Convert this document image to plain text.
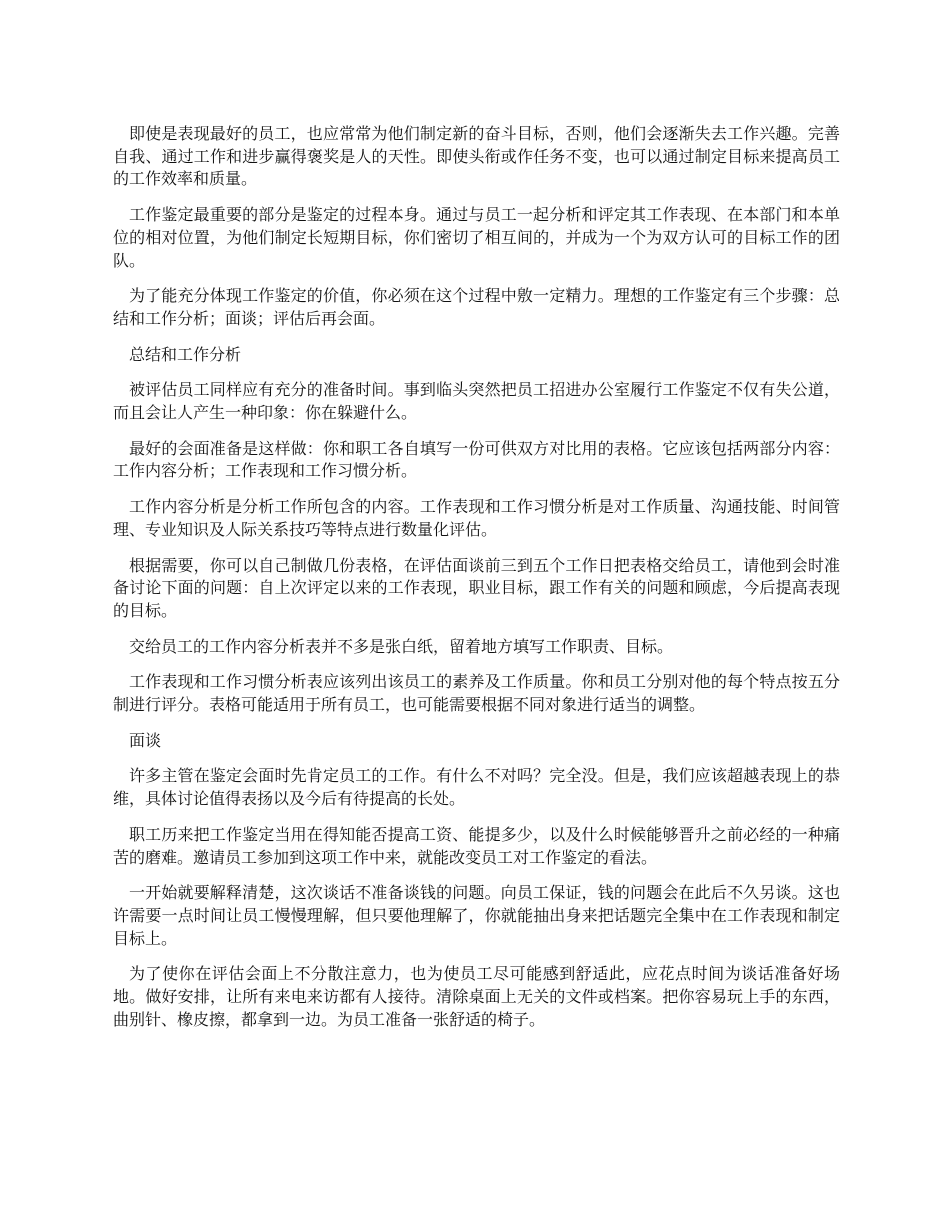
即使是表现最好的员工，也应常常为他们制定新的奋斗目标，否则，他们会逐渐失去工作兴趣。完善自我、通过工作和进步赢得褒奖是人的天性。即使头衔或作任务不变，也可以通过制定目标来提高员工的工作效率和质量。

工作鉴定最重要的部分是鉴定的过程本身。通过与员工一起分析和评定其工作表现、在本部门和本单位的相对位置，为他们制定长短期目标，你们密切了相互间的，并成为一个为双方认可的目标工作的团队。

为了能充分体现工作鉴定的价值，你必须在这个过程中敫一定精力。理想的工作鉴定有三个步骤：总结和工作分析；面谈；评估后再会面。

总结和工作分析

被评估员工同样应有充分的准备时间。事到临头突然把员工招进办公室履行工作鉴定不仅有失公道，而且会让人产生一种印象：你在躲避什么。

最好的会面准备是这样做：你和职工各自填写一份可供双方对比用的表格。它应该包括两部分内容：工作内容分析；工作表现和工作习惯分析。

工作内容分析是分析工作所包含的内容。工作表现和工作习惯分析是对工作质量、沟通技能、时间管理、专业知识及人际关系技巧等特点进行数量化评估。

根据需要，你可以自己制做几份表格，在评估面谈前三到五个工作日把表格交给员工，请他到会时准备讨论下面的问题：自上次评定以来的工作表现，职业目标，跟工作有关的问题和顾虑，今后提高表现的目标。

交给员工的工作内容分析表并不多是张白纸，留着地方填写工作职责、目标。

工作表现和工作习惯分析表应该列出该员工的素养及工作质量。你和员工分别对他的每个特点按五分制进行评分。表格可能适用于所有员工，也可能需要根据不同对象进行适当的调整。

面谈

许多主管在鉴定会面时先肯定员工的工作。有什么不对吗？完全没。但是，我们应该超越表现上的恭维，具体讨论值得表扬以及今后有待提高的长处。

职工历来把工作鉴定当用在得知能否提高工资、能提多少，以及什么时候能够晋升之前必经的一种痛苦的磨难。邀请员工参加到这项工作中来，就能改变员工对工作鉴定的看法。

一开始就要解释清楚，这次谈话不准备谈钱的问题。向员工保证，钱的问题会在此后不久另谈。这也许需要一点时间让员工慢慢理解，但只要他理解了，你就能抽出身来把话题完全集中在工作表现和制定目标上。

为了使你在评估会面上不分散注意力，也为使员工尽可能感到舒适此，应花点时间为谈话准备好场地。做好安排，让所有来电来访都有人接待。清除桌面上无关的文件或档案。把你容易玩上手的东西，曲别针、橡皮擦，都拿到一边。为员工准备一张舒适的椅子。
